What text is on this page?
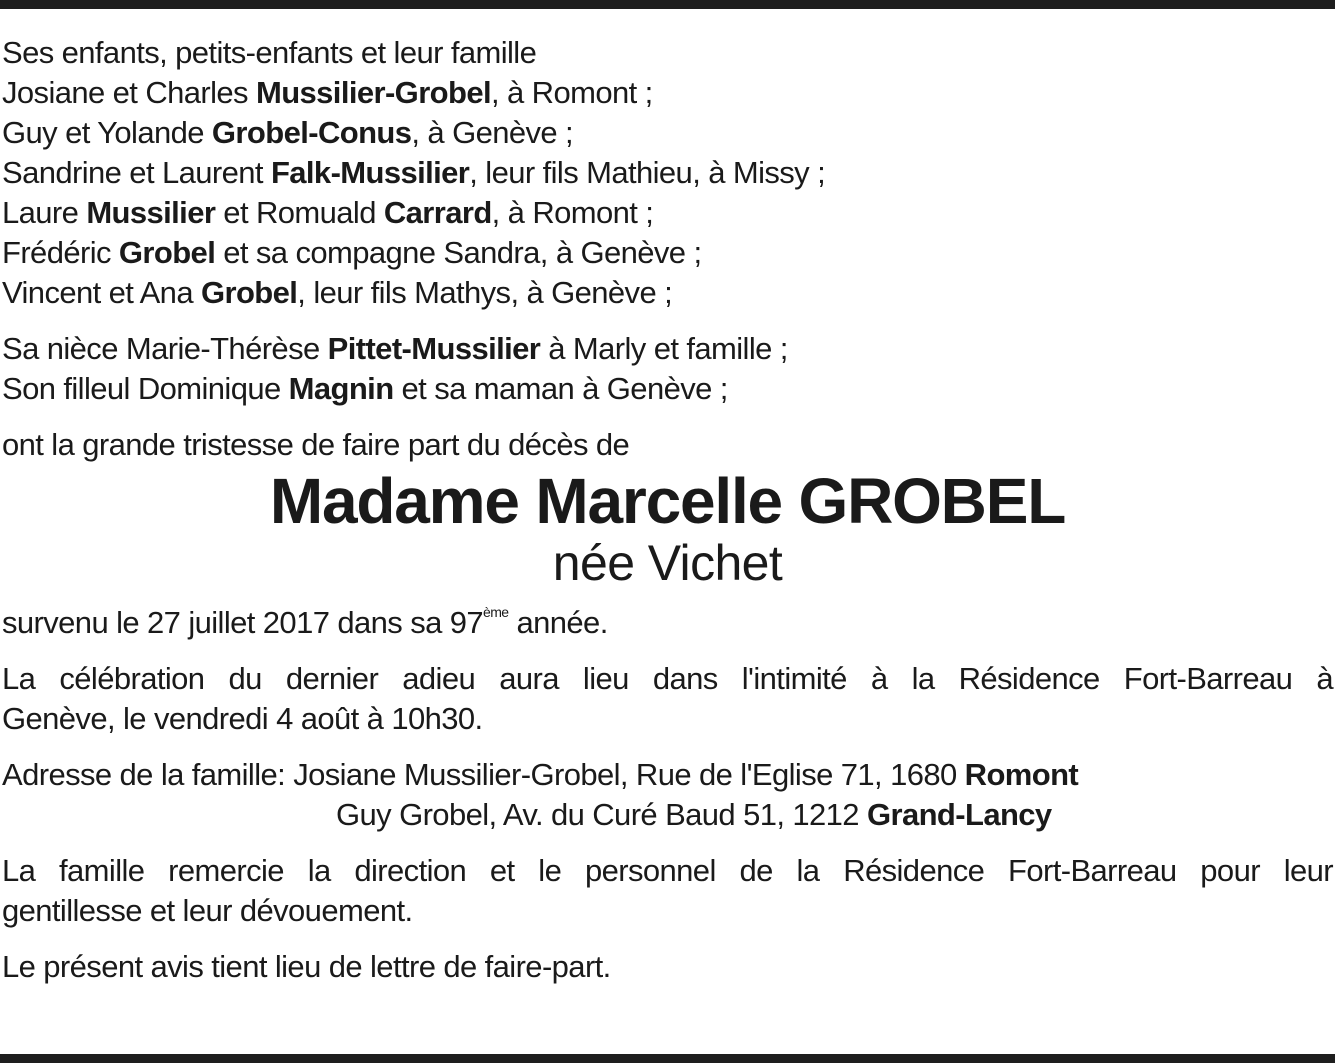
Ses enfants, petits-enfants et leur famille
Josiane et Charles Mussilier-Grobel, à Romont ;
Guy et Yolande Grobel-Conus, à Genève ;
Sandrine et Laurent Falk-Mussilier, leur fils Mathieu, à Missy ;
Laure Mussilier et Romuald Carrard, à Romont ;
Frédéric Grobel et sa compagne Sandra, à Genève ;
Vincent et Ana Grobel, leur fils Mathys, à Genève ;
Sa nièce Marie-Thérèse Pittet-Mussilier à Marly et famille ;
Son filleul Dominique Magnin et sa maman à Genève ;
ont la grande tristesse de faire part du décès de
Madame Marcelle GROBEL
née Vichet
survenu le 27 juillet 2017 dans sa 97ème année.
La célébration du dernier adieu aura lieu dans l'intimité à la Résidence Fort-Barreau à
Genève, le vendredi 4 août à 10h30.
Adresse de la famille: Josiane Mussilier-Grobel, Rue de l'Eglise 71, 1680 Romont
Guy Grobel, Av. du Curé Baud 51, 1212 Grand-Lancy
La famille remercie la direction et le personnel de la Résidence Fort-Barreau pour leur
gentillesse et leur dévouement.
Le présent avis tient lieu de lettre de faire-part.
